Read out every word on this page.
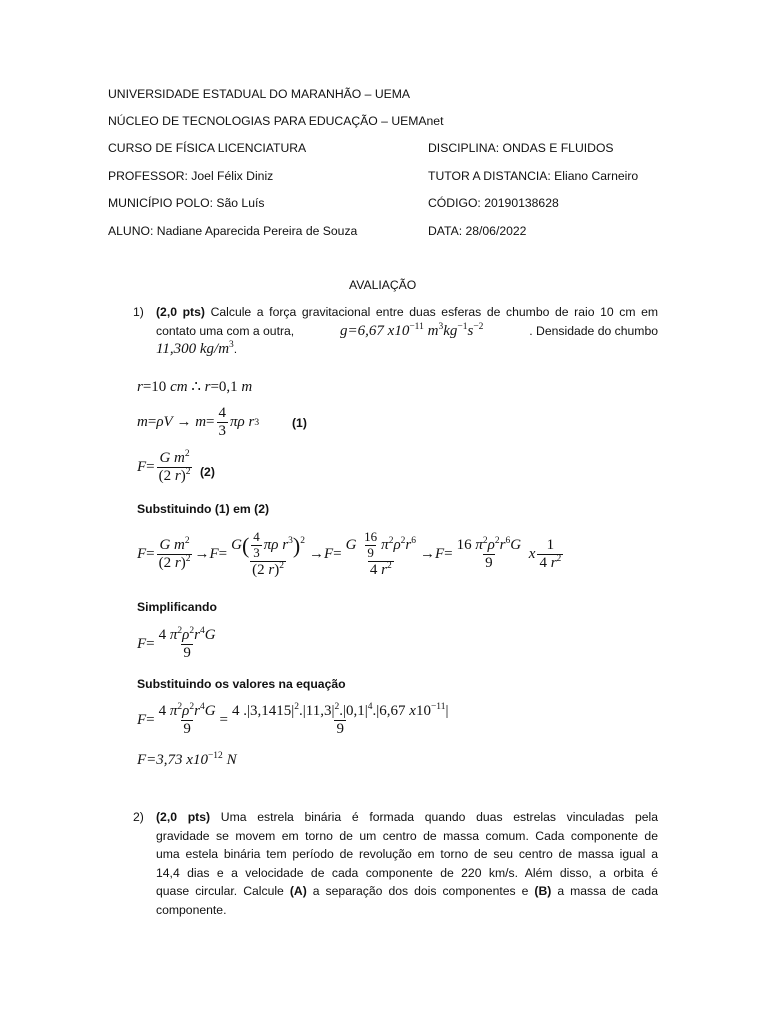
UNIVERSIDADE ESTADUAL DO MARANHÃO – UEMA
NÚCLEO DE TECNOLOGIAS PARA EDUCAÇÃO – UEMAnet
CURSO DE FÍSICA LICENCIATURA	DISCIPLINA: ONDAS E FLUIDOS
PROFESSOR: Joel Félix Diniz	TUTOR A DISTANCIA: Eliano Carneiro
MUNICÍPIO POLO: São Luís	CÓDIGO: 20190138628
ALUNO: Nadiane Aparecida Pereira de Souza	DATA: 28/06/2022
AVALIAÇÃO
1) (2,0 pts) Calcule a força gravitacional entre duas esferas de chumbo de raio 10 cm em
contato uma com a outra,	g=6,67 $x10^{-11}$ $m^3kg^{-1}s^{-2}$	. Densidade do chumbo
11,300 $kg/m^3$.
r=10 cm ∴ r=0,1 m
$m = \rho V \to m = \frac{4}{3}$ πρ r 3	(1)
$F = \frac{G m^2}{(2 r)^2} (2)$
Substituindo (1) em (2)
$F = \frac{G m^2}{(2 r)^2} \to F = \frac{G( \frac{4}{3} \pi\rho r^3)^2}{(2 r)^2} \to F = \frac{G \frac{16}{9} \pi^2\rho^2r^6}{4 r^2} \to F = \frac{16 \pi^2\rho^2r^6G}{9}$ x $\frac{1}{4 r^2}$
Simplificando
$F = \frac{4 \pi^2\rho^2r^4G}{9}$
Substituindo os valores na equação
$F = \frac{4 \pi^2\rho^2r^4G}{9} = \frac{4 .|3,1415|^2.|11,3|^2.|0,1|^4.|6,67 x10^{-11}|}{9}$
F=3,73 $x10^{-12}$ N
2) (2,0 pts) Uma estrela binária é formada quando duas estrelas vinculadas pela
gravidade se movem em torno de um centro de massa comum. Cada componente de
uma estela binária tem período de revolução em torno de seu centro de massa igual a
14,4 dias e a velocidade de cada componente de 220 km/s. Além disso, a orbita é
quase circular. Calcule (A) a separação dos dois componentes e (B) a massa de cada
componente.
